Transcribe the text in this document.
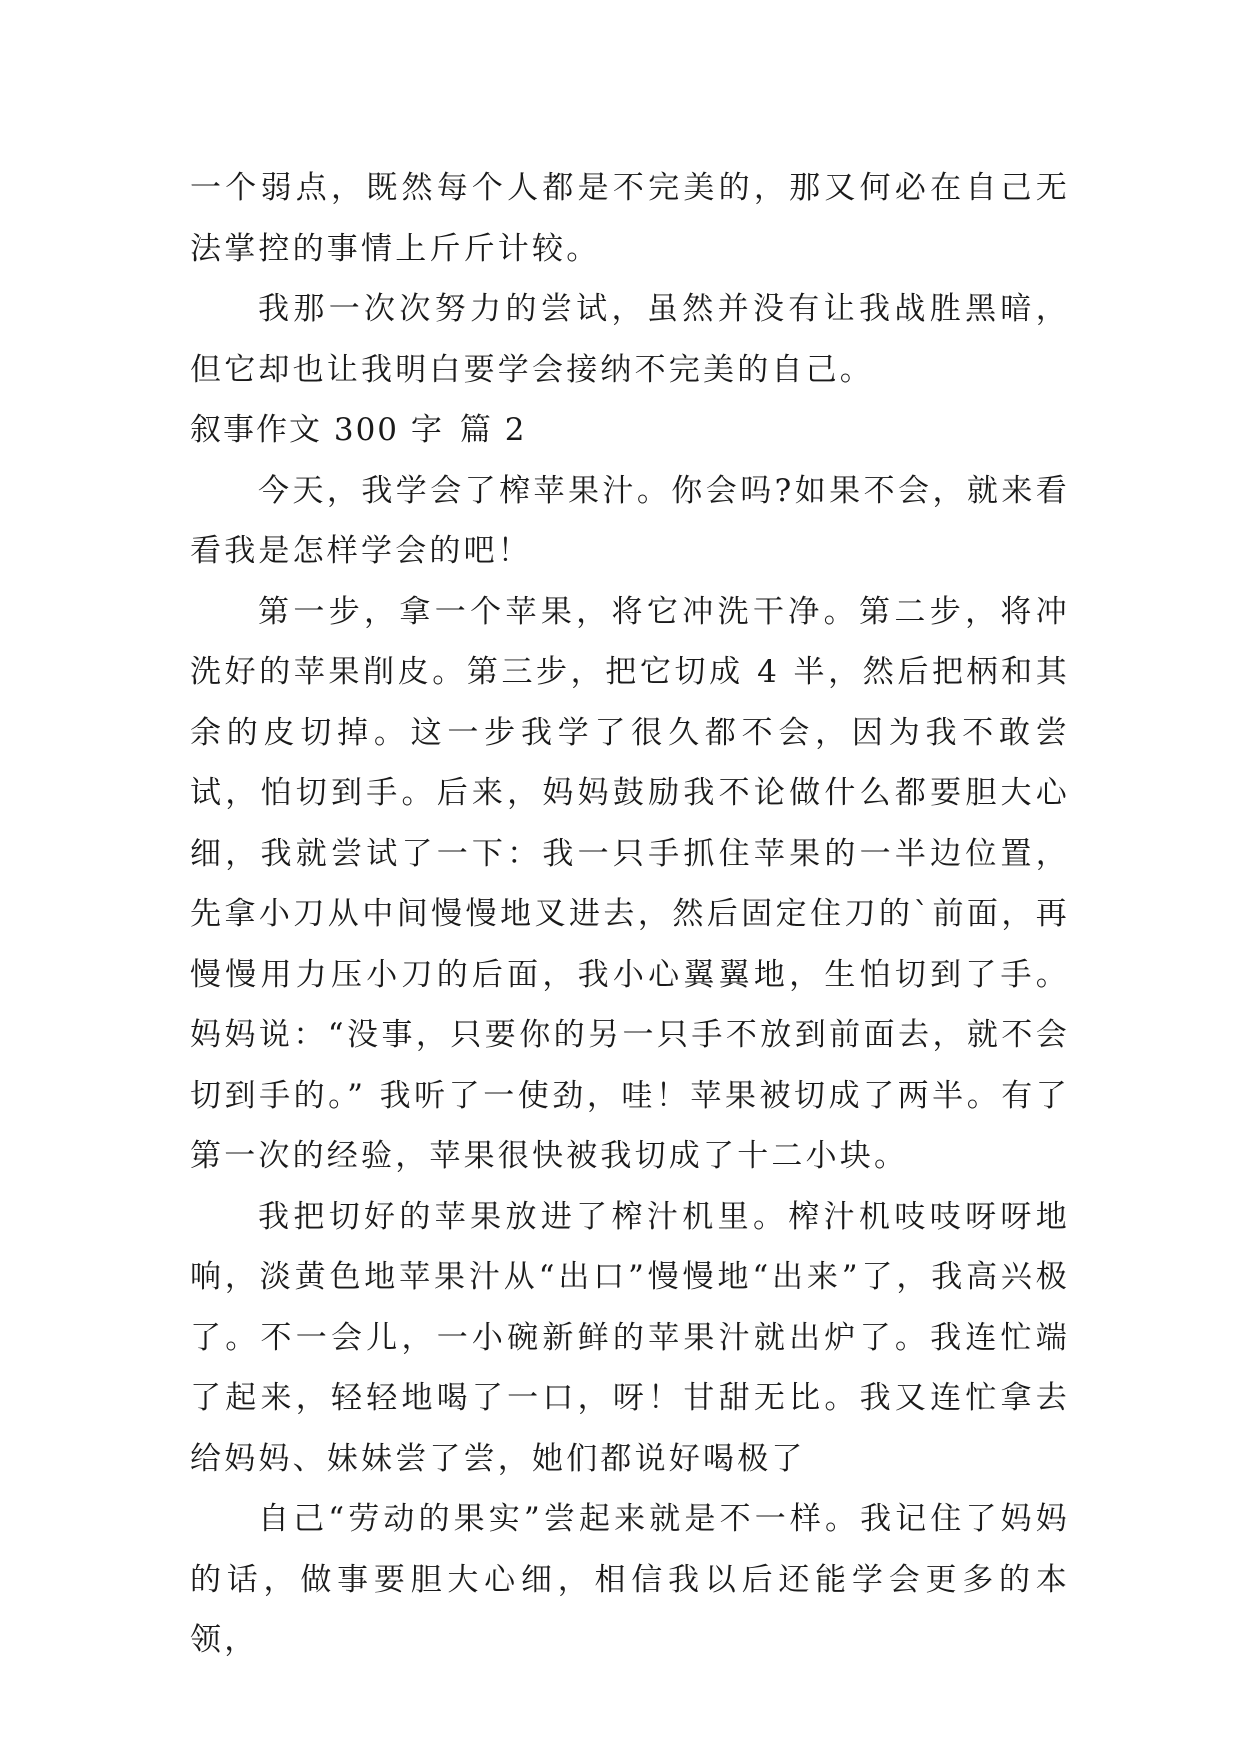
一个弱点，既然每个人都是不完美的，那又何必在自己无法掌控的事情上斤斤计较。

我那一次次努力的尝试，虽然并没有让我战胜黑暗，但它却也让我明白要学会接纳不完美的自己。

叙事作文 300 字 篇 2

今天，我学会了榨苹果汁。你会吗?如果不会，就来看看我是怎样学会的吧！

第一步，拿一个苹果，将它冲洗干净。第二步，将冲洗好的苹果削皮。第三步，把它切成 4 半，然后把柄和其余的皮切掉。这一步我学了很久都不会，因为我不敢尝试，怕切到手。后来，妈妈鼓励我不论做什么都要胆大心细，我就尝试了一下：我一只手抓住苹果的一半边位置，先拿小刀从中间慢慢地叉进去，然后固定住刀的`前面，再慢慢用力压小刀的后面，我小心翼翼地，生怕切到了手。妈妈说：“没事，只要你的另一只手不放到前面去，就不会切到手的。” 我听了一使劲，哇！苹果被切成了两半。有了第一次的经验，苹果很快被我切成了十二小块。

我把切好的苹果放进了榨汁机里。榨汁机吱吱呀呀地响，淡黄色地苹果汁从“出口”慢慢地“出来”了，我高兴极了。不一会儿，一小碗新鲜的苹果汁就出炉了。我连忙端了起来，轻轻地喝了一口，呀！甘甜无比。我又连忙拿去给妈妈、妹妹尝了尝，她们都说好喝极了

自己“劳动的果实”尝起来就是不一样。我记住了妈妈的话，做事要胆大心细，相信我以后还能学会更多的本领，
